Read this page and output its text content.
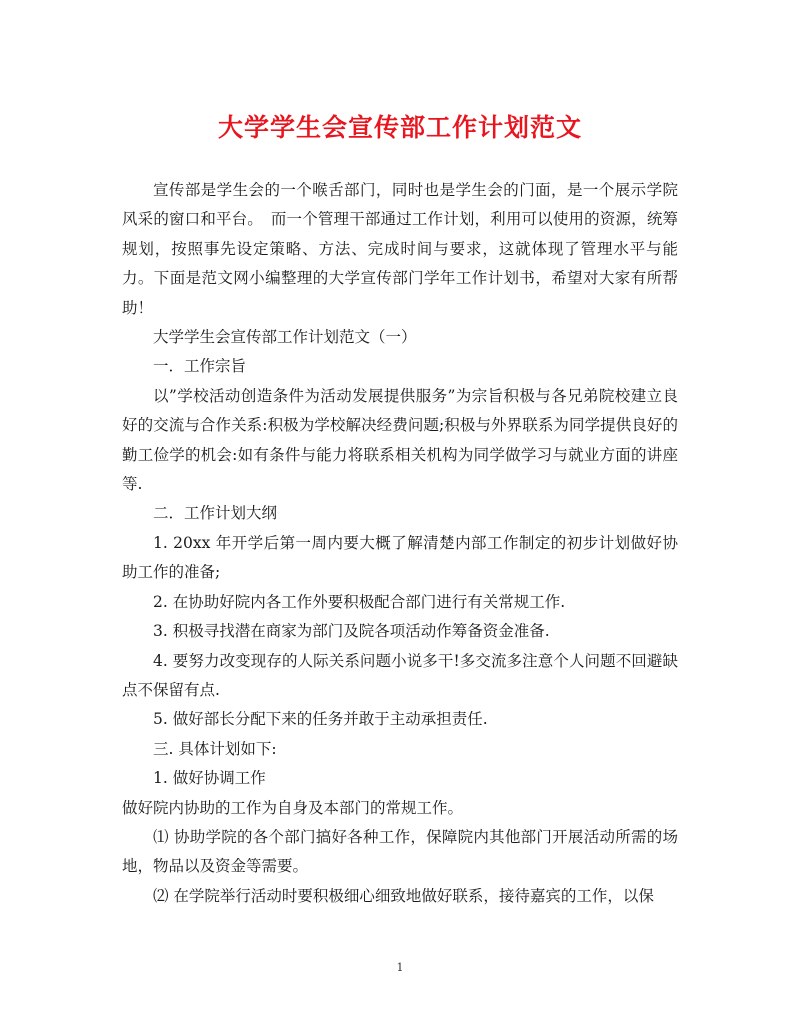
大学学生会宣传部工作计划范文

宣传部是学生会的一个喉舌部门，同时也是学生会的门面，是一个展示学院风采的窗口和平台。　而一个管理干部通过工作计划，利用可以使用的资源，统筹规划，按照事先设定策略、方法、完成时间与要求，这就体现了管理水平与能力。下面是范文网小编整理的大学宣传部门学年工作计划书，希望对大家有所帮助！

大学学生会宣传部工作计划范文（一）

一．工作宗旨

以”学校活动创造条件为活动发展提供服务”为宗旨积极与各兄弟院校建立良好的交流与合作关系:积极为学校解决经费问题;积极与外界联系为同学提供良好的勤工俭学的机会:如有条件与能力将联系相关机构为同学做学习与就业方面的讲座等.

二．工作计划大纲

1. 20xx 年开学后第一周内要大概了解清楚内部工作制定的初步计划做好协助工作的准备;

2. 在协助好院内各工作外要积极配合部门进行有关常规工作.

3. 积极寻找潜在商家为部门及院各项活动作筹备资金准备.

4. 要努力改变现存的人际关系问题小说多干!多交流多注意个人问题不回避缺点不保留有点.

5. 做好部长分配下来的任务并敢于主动承担责任.

三. 具体计划如下:

1. 做好协调工作

做好院内协助的工作为自身及本部门的常规工作。

⑴ 协助学院的各个部门搞好各种工作，保障院内其他部门开展活动所需的场地，物品以及资金等需要。

⑵ 在学院举行活动时要积极细心细致地做好联系，接待嘉宾的工作，以保

1
